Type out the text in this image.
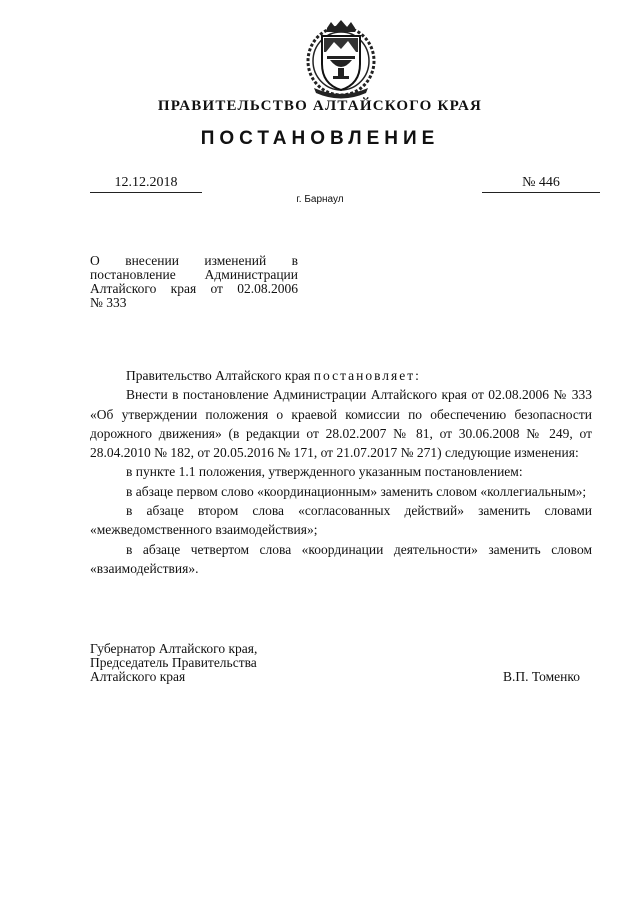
ПРАВИТЕЛЬСТВО АЛТАЙСКОГО КРАЯ
ПОСТАНОВЛЕНИЕ
12.12.2018	№ 446
г. Барнаул
О внесении изменений в
постановление Администрации
Алтайского края от 02.08.2006
№ 333

Правительство Алтайского края постановляет:

Внести в постановление Администрации Алтайского края от 02.08.2006 № 333 «Об утверждении положения о краевой комиссии по обеспечению безопасности дорожного движения» (в редакции от 28.02.2007 № 81, от 30.06.2008 № 249, от 28.04.2010 № 182, от 20.05.2016 № 171, от 21.07.2017 № 271) следующие изменения:

в пункте 1.1 положения, утвержденного указанным постановлением:

в абзаце первом слово «координационным» заменить словом «коллегиальным»;

в абзаце втором слова «согласованных действий» заменить словами «межведомственного взаимодействия»;

в абзаце четвертом слова «координации деятельности» заменить словом «взаимодействия».

Губернатор Алтайского края,
Председатель Правительства
Алтайского края	В.П. Томенко
